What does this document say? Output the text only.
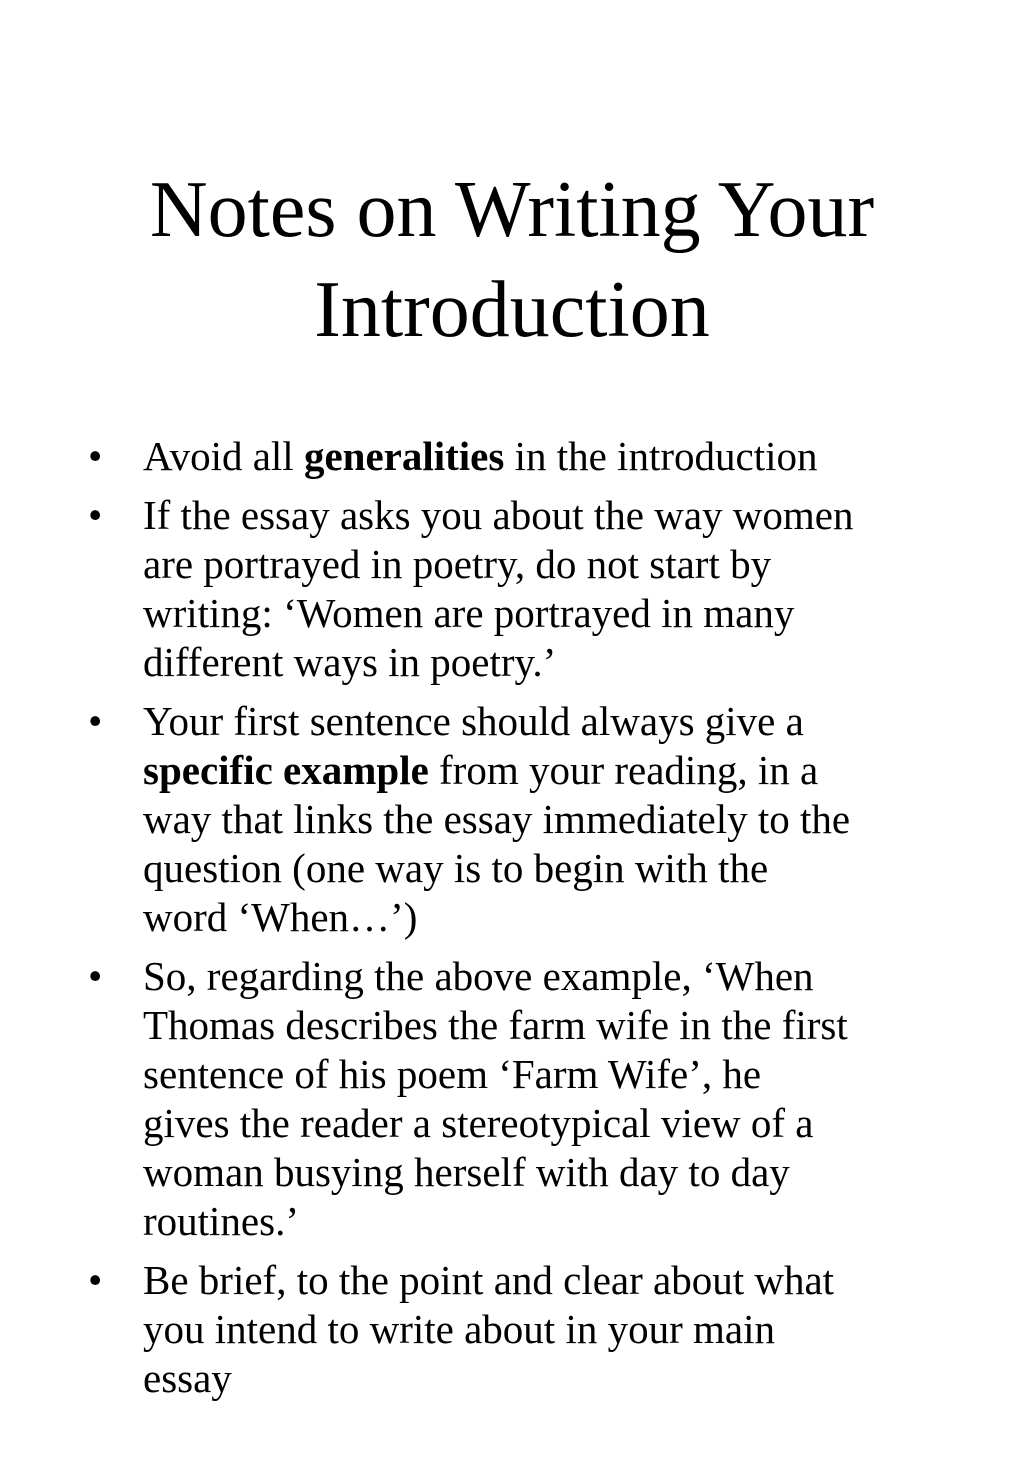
Notes on Writing Your
Introduction
• Avoid all generalities in the introduction
• If the essay asks you about the way women
are portrayed in poetry, do not start by
writing: ‘Women are portrayed in many
different ways in poetry.’
• Your first sentence should always give a
specific example from your reading, in a
way that links the essay immediately to the
question (one way is to begin with the
word ‘When…’)
• So, regarding the above example, ‘When
Thomas describes the farm wife in the first
sentence of his poem ‘Farm Wife’, he
gives the reader a stereotypical view of a
woman busying herself with day to day
routines.’
• Be brief, to the point and clear about what
you intend to write about in your main
essay
